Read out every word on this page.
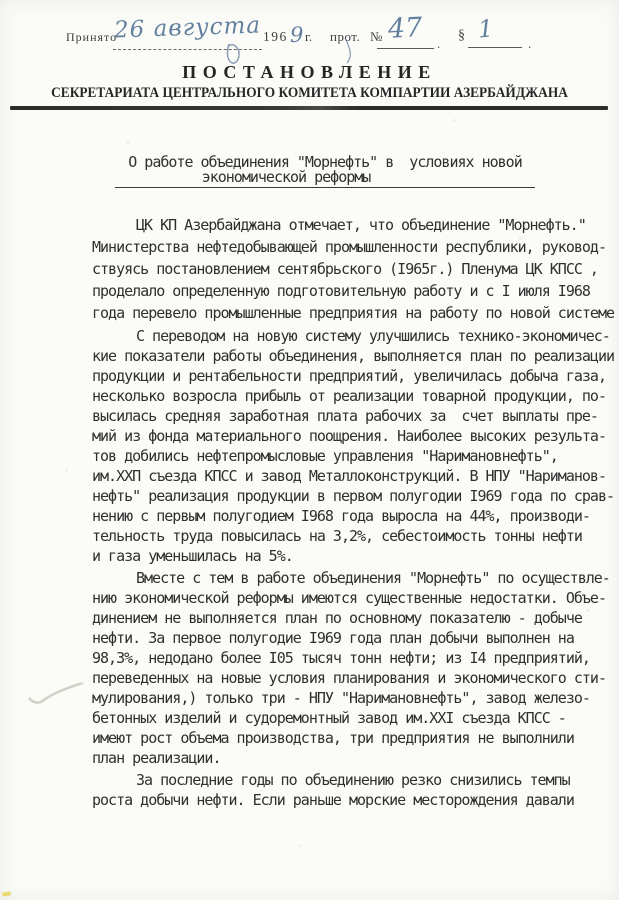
Принято
26 августа 196 9 г. прот. № 47	.
§ 1
.
ПОСТАНОВЛЕНИЕ
СЕКРЕТАРИАТА ЦЕНТРАЛЬНОГО КОМИТЕТА КОМПАРТИИ АЗЕРБАЙДЖАНА
О работе объединения "Морнефть" в  условиях новой
экономической реформы
ЦК КП Азербайджана отмечает, что объединение "Морнефть."
Министерства нефтедобывающей промышленности республики, руковод-
ствуясь постановлением сентябрьского (I965г.) Пленума ЦК КПСС ,
проделало определенную подготовительную работу и с I июля I968
года перевело промышленные предприятия на работу по новой системе
С переводом на новую систему улучшились технико-экономичес-
кие показатели работы объединения, выполняется план по реализации
продукции и рентабельности предприятий, увеличилась добыча газа,
несколько возросла прибыль от реализации товарной продукции, по-
высилась средняя заработная плата рабочих за  счет выплаты пре-
мий из фонда материального поощрения. Наиболее высоких результа-
тов добились нефтепромысловые управления "Наримановнефть",
им.ХХП съезда КПСС и завод Металлоконструкций. В НПУ "Нариманов-
нефть" реализация продукции в первом полугодии I969 года по срав-
нению с первым полугодием I968 года выросла на 44%, производи-
тельность труда повысилась на 3,2%, себестоимость тонны нефти
и газа уменьшилась на 5%.
Вместе с тем в работе объединения "Морнефть" по осуществле-
нию экономической реформы имеются существенные недостатки. Объе-
динением не выполняется план по основному показателю - добыче
нефти. За первое полугодие I969 года план добычи выполнен на
98,3%, недодано более I05 тысяч тонн нефти; из I4 предприятий,
переведенных на новые условия планирования и экономического сти-
мулирования,) только три - НПУ "Наримановнефть", завод железо-
бетонных изделий и судоремонтный завод им.ХХI съезда КПСС -
имеют рост объема производства, три предприятия не выполнили
план реализации.
За последние годы по объединению резко снизились темпы
роста добычи нефти. Если раньше морские месторождения давали
